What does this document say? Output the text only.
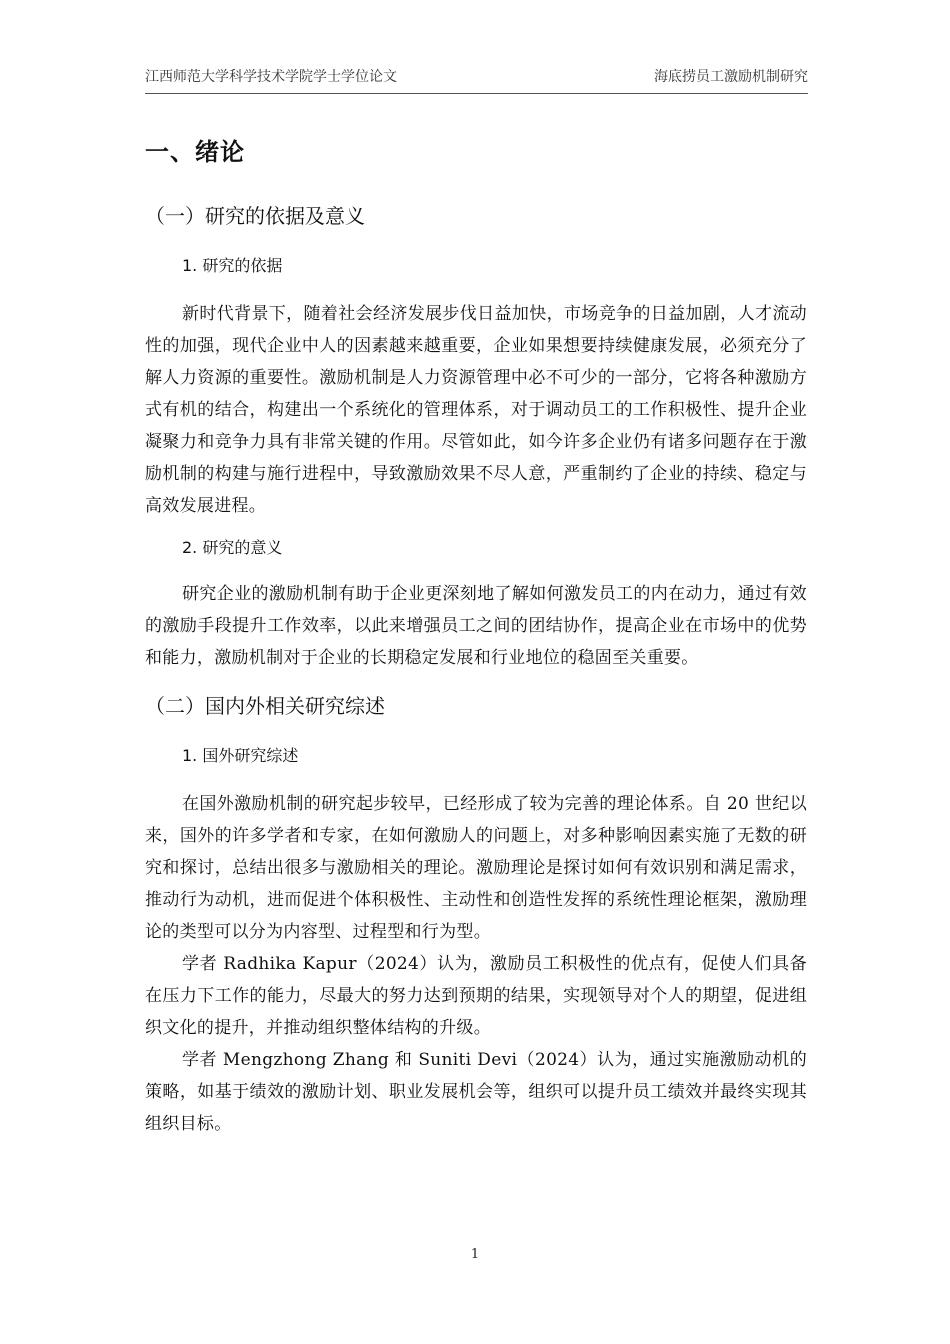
江西师范大学科学技术学院学士学位论文	海底捞员工激励机制研究
一、绪论
（一）研究的依据及意义
1. 研究的依据

新时代背景下，随着社会经济发展步伐日益加快，市场竞争的日益加剧，人才流动性的加强，现代企业中人的因素越来越重要，企业如果想要持续健康发展，必须充分了解人力资源的重要性。激励机制是人力资源管理中必不可少的一部分，它将各种激励方式有机的结合，构建出一个系统化的管理体系，对于调动员工的工作积极性、提升企业凝聚力和竞争力具有非常关键的作用。尽管如此，如今许多企业仍有诸多问题存在于激励机制的构建与施行进程中，导致激励效果不尽人意，严重制约了企业的持续、稳定与高效发展进程。

2. 研究的意义

研究企业的激励机制有助于企业更深刻地了解如何激发员工的内在动力，通过有效的激励手段提升工作效率，以此来增强员工之间的团结协作，提高企业在市场中的优势和能力，激励机制对于企业的长期稳定发展和行业地位的稳固至关重要。

（二）国内外相关研究综述
1. 国外研究综述

在国外激励机制的研究起步较早，已经形成了较为完善的理论体系。自 20 世纪以来，国外的许多学者和专家，在如何激励人的问题上，对多种影响因素实施了无数的研究和探讨，总结出很多与激励相关的理论。激励理论是探讨如何有效识别和满足需求，推动行为动机，进而促进个体积极性、主动性和创造性发挥的系统性理论框架，激励理论的类型可以分为内容型、过程型和行为型。

学者 Radhika Kapur（2024）认为，激励员工积极性的优点有，促使人们具备在压力下工作的能力，尽最大的努力达到预期的结果，实现领导对个人的期望，促进组织文化的提升，并推动组织整体结构的升级。

学者 Mengzhong Zhang 和 Suniti Devi（2024）认为，通过实施激励动机的策略，如基于绩效的激励计划、职业发展机会等，组织可以提升员工绩效并最终实现其组织目标。

1
